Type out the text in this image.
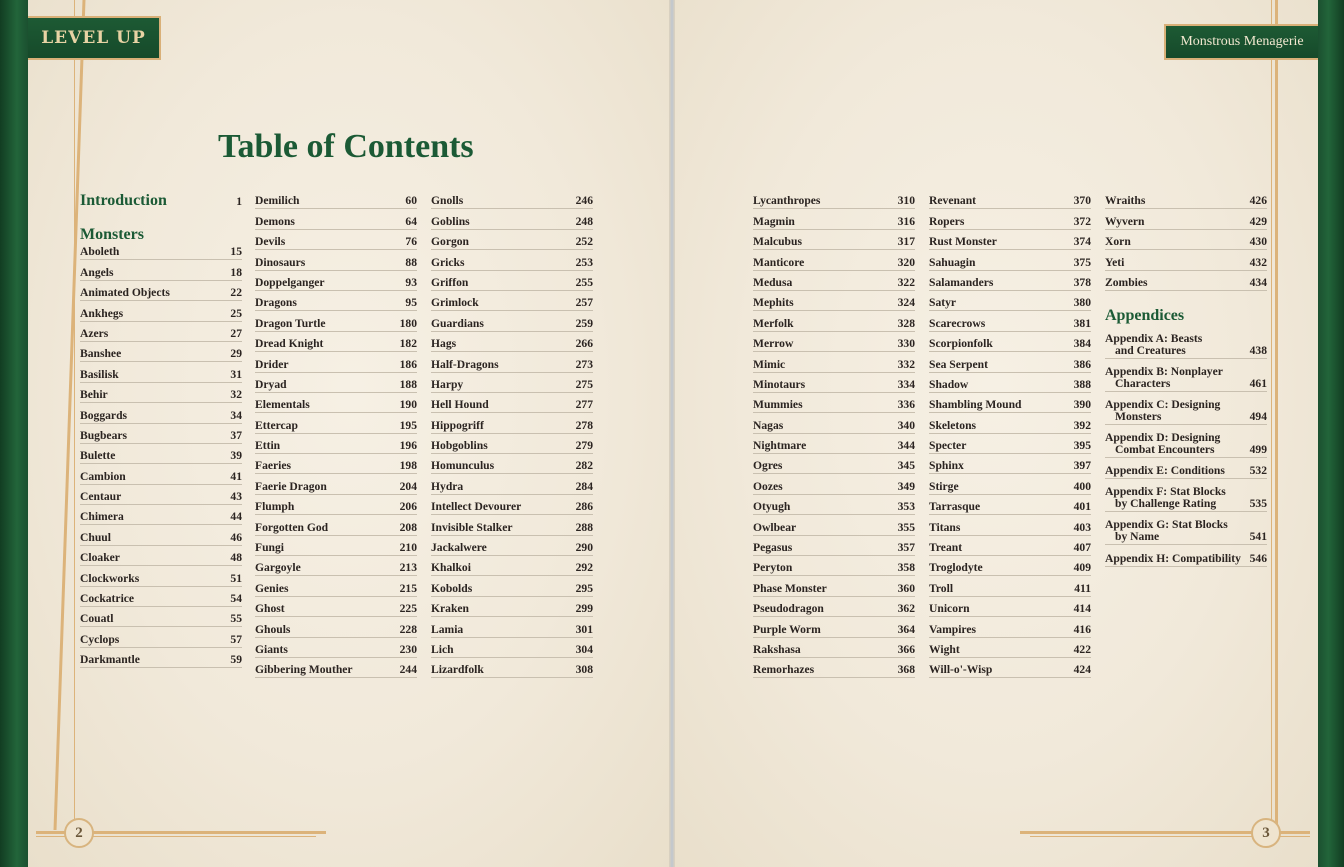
LEVEL UP	Monstrous Menagerie
2	3
Table of Contents
Introduction	1
Monsters
Aboleth	15
Angels	18
Animated Objects	22
Ankhegs	25
Azers	27
Banshee	29
Basilisk	31
Behir	32
Boggards	34
Bugbears	37
Bulette	39
Cambion	41
Centaur	43
Chimera	44
Chuul	46
Cloaker	48
Clockworks	51
Cockatrice	54
Couatl	55
Cyclops	57
Darkmantle	59
Demilich	60
Demons	64
Devils	76
Dinosaurs	88
Doppelganger	93
Dragons	95
Dragon Turtle	180
Dread Knight	182
Drider	186
Dryad	188
Elementals	190
Ettercap	195
Ettin	196
Faeries	198
Faerie Dragon	204
Flumph	206
Forgotten God	208
Fungi	210
Gargoyle	213
Genies	215
Ghost	225
Ghouls	228
Giants	230
Gibbering Mouther	244
Gnolls	246
Goblins	248
Gorgon	252
Gricks	253
Griffon	255
Grimlock	257
Guardians	259
Hags	266
Half-Dragons	273
Harpy	275
Hell Hound	277
Hippogriff	278
Hobgoblins	279
Homunculus	282
Hydra	284
Intellect Devourer	286
Invisible Stalker	288
Jackalwere	290
Khalkoi	292
Kobolds	295
Kraken	299
Lamia	301
Lich	304
Lizardfolk	308
Lycanthropes	310
Magmin	316
Malcubus	317
Manticore	320
Medusa	322
Mephits	324
Merfolk	328
Merrow	330
Mimic	332
Minotaurs	334
Mummies	336
Nagas	340
Nightmare	344
Ogres	345
Oozes	349
Otyugh	353
Owlbear	355
Pegasus	357
Peryton	358
Phase Monster	360
Pseudodragon	362
Purple Worm	364
Rakshasa	366
Remorhazes	368
Revenant	370
Ropers	372
Rust Monster	374
Sahuagin	375
Salamanders	378
Satyr	380
Scarecrows	381
Scorpionfolk	384
Sea Serpent	386
Shadow	388
Shambling Mound	390
Skeletons	392
Specter	395
Sphinx	397
Stirge	400
Tarrasque	401
Titans	403
Treant	407
Troglodyte	409
Troll	411
Unicorn	414
Vampires	416
Wight	422
Will-o'-Wisp	424
Wraiths	426
Wyvern	429
Xorn	430
Yeti	432
Zombies	434
Appendices
Appendix A: Beasts
and Creatures	438
Appendix B: Nonplayer
Characters	461
Appendix C: Designing
Monsters	494
Appendix D: Designing
Combat Encounters	499
Appendix E: Conditions	532
Appendix F: Stat Blocks
by Challenge Rating	535
Appendix G: Stat Blocks
by Name	541
Appendix H: Compatibility 546
